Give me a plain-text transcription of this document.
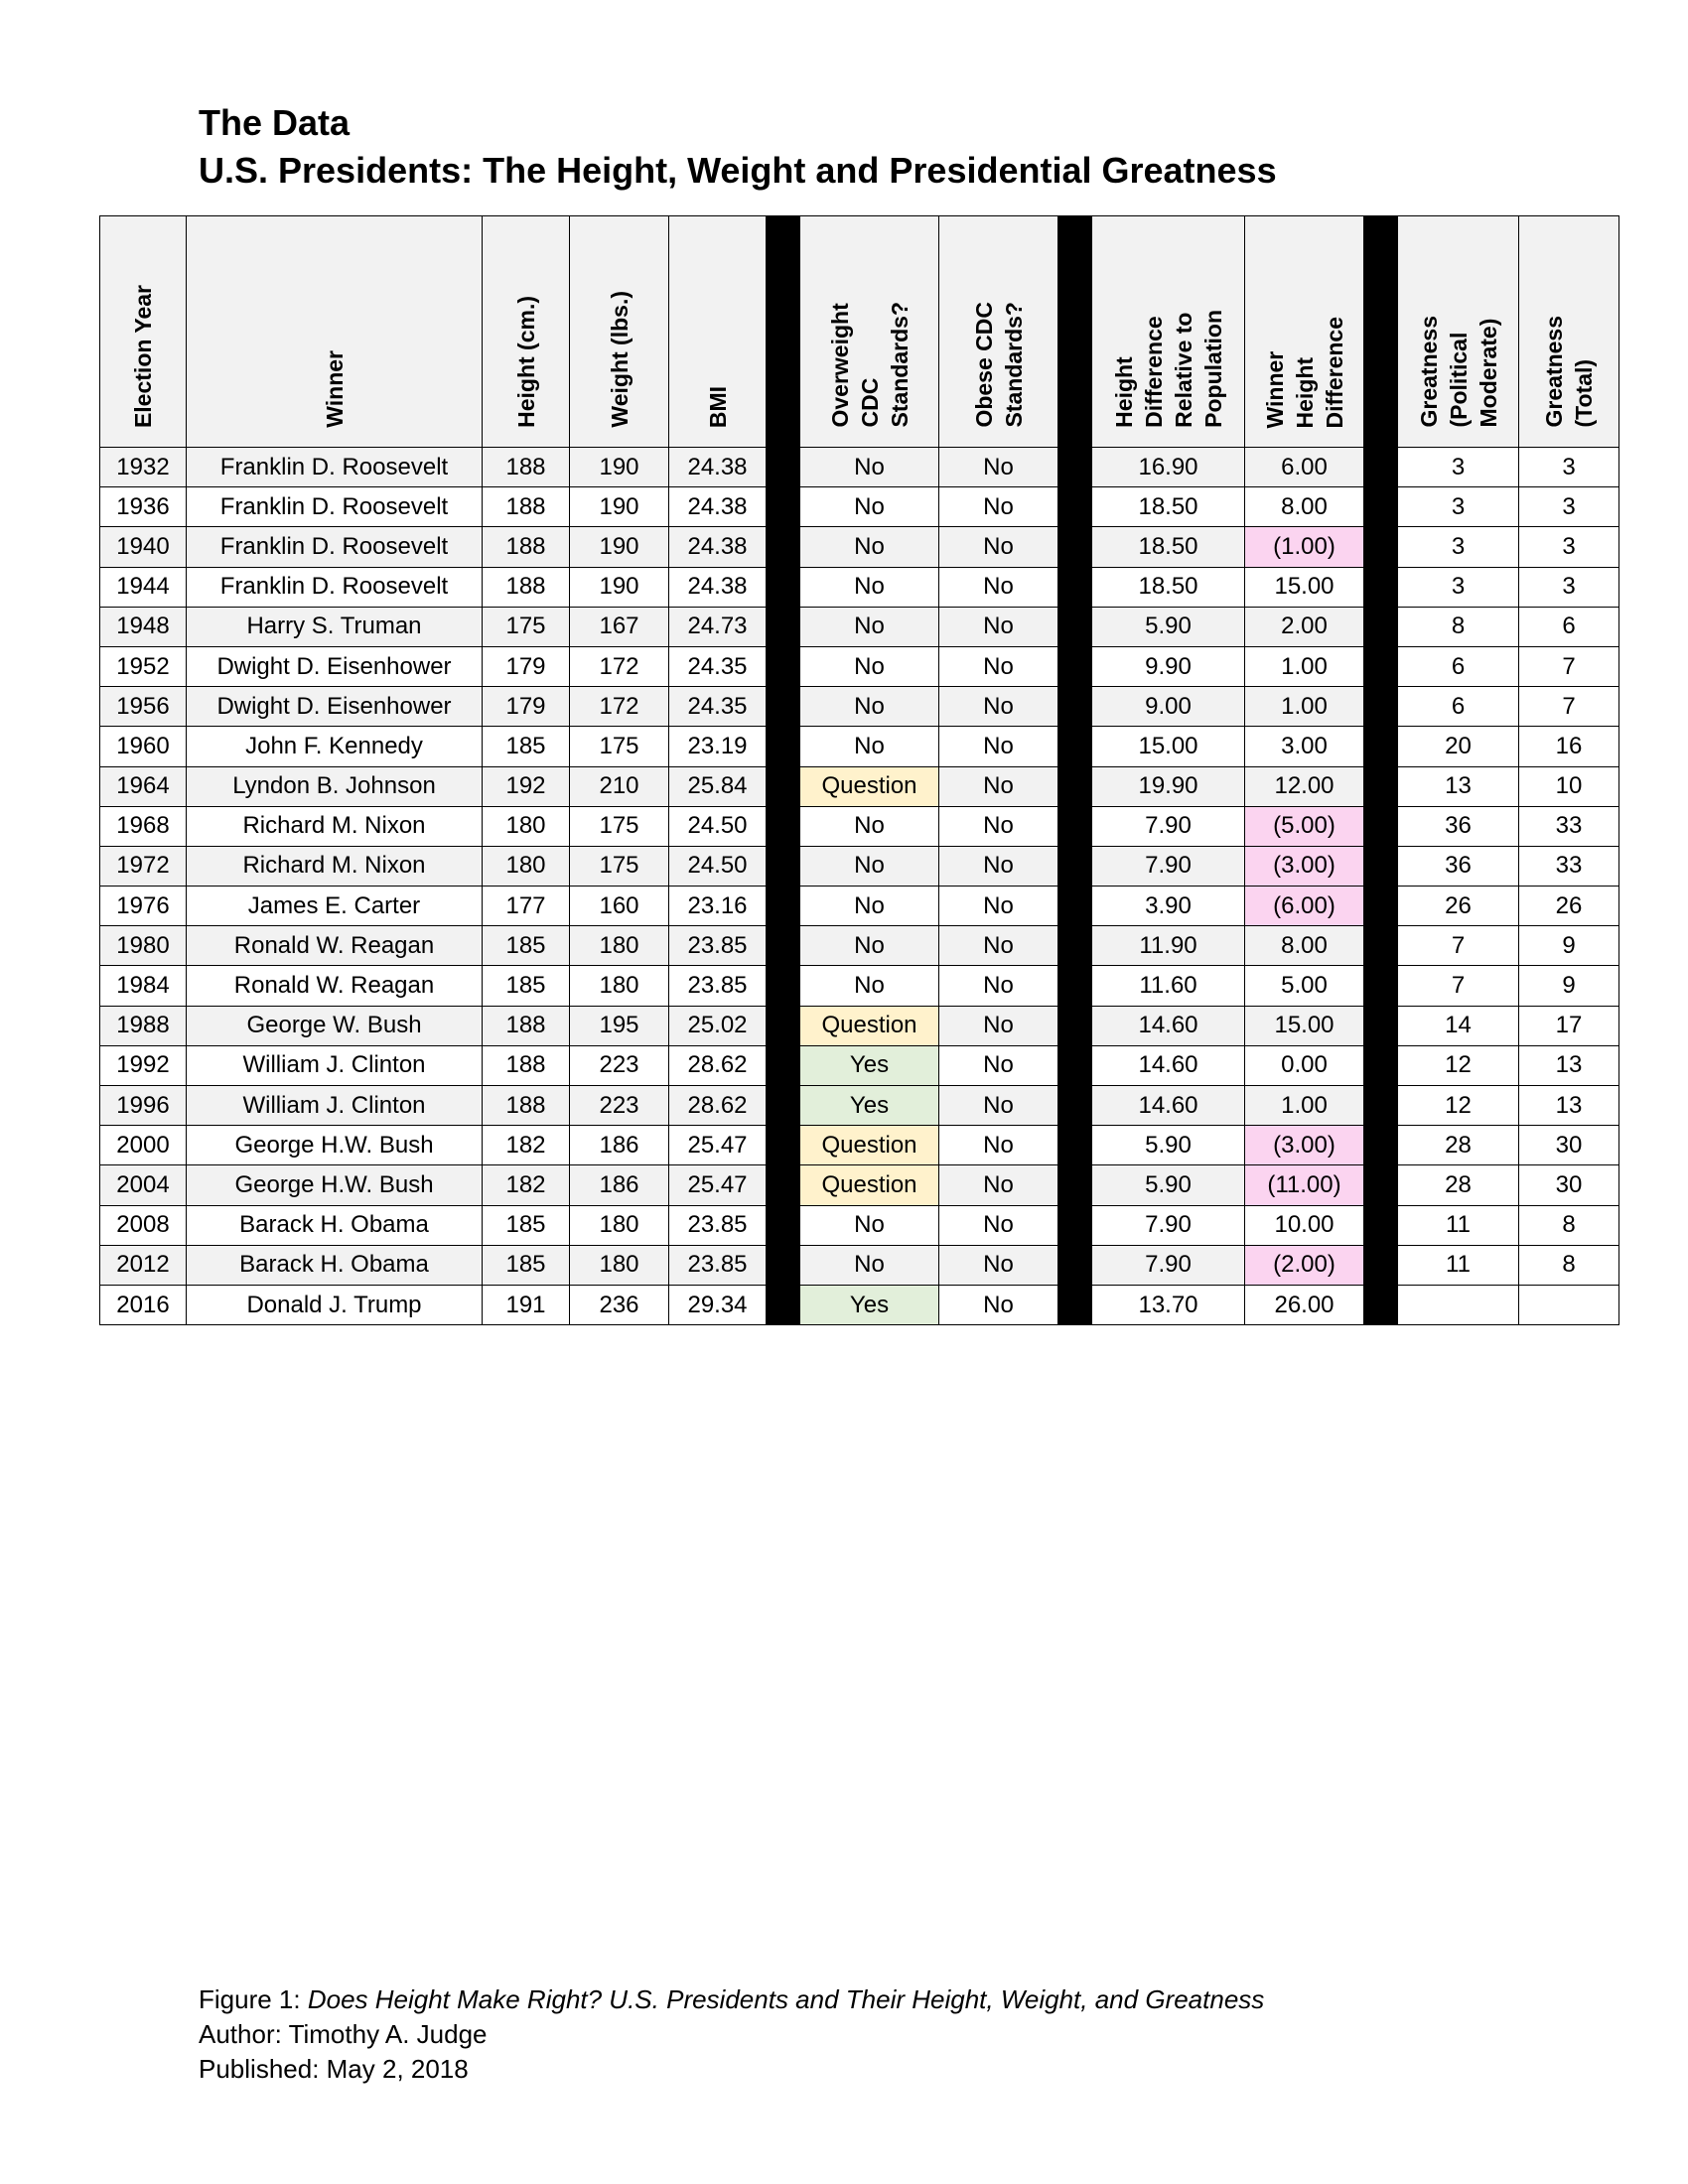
The Data
U.S. Presidents: The Height, Weight and Presidential Greatness
Election Year	Winner	Height (cm.)	Weight (lbs.)	BMI		Overweight
CDC
Standards?	Obese CDC
Standards?		Height
Difference
Relative to
Population	Winner
Height
Difference		Greatness
(Political
Moderate)	Greatness
(Total)
1932	Franklin D. Roosevelt	188	190	24.38		No	No		16.90	6.00		3	3
1936	Franklin D. Roosevelt	188	190	24.38		No	No		18.50	8.00		3	3
1940	Franklin D. Roosevelt	188	190	24.38		No	No		18.50	(1.00)		3	3
1944	Franklin D. Roosevelt	188	190	24.38		No	No		18.50	15.00		3	3
1948	Harry S. Truman	175	167	24.73		No	No		5.90	2.00		8	6
1952	Dwight D. Eisenhower	179	172	24.35		No	No		9.90	1.00		6	7
1956	Dwight D. Eisenhower	179	172	24.35		No	No		9.00	1.00		6	7
1960	John F. Kennedy	185	175	23.19		No	No		15.00	3.00		20	16
1964	Lyndon B. Johnson	192	210	25.84		Question	No		19.90	12.00		13	10
1968	Richard M. Nixon	180	175	24.50		No	No		7.90	(5.00)		36	33
1972	Richard M. Nixon	180	175	24.50		No	No		7.90	(3.00)		36	33
1976	James E. Carter	177	160	23.16		No	No		3.90	(6.00)		26	26
1980	Ronald W. Reagan	185	180	23.85		No	No		11.90	8.00		7	9
1984	Ronald W. Reagan	185	180	23.85		No	No		11.60	5.00		7	9
1988	George W. Bush	188	195	25.02		Question	No		14.60	15.00		14	17
1992	William J. Clinton	188	223	28.62		Yes	No		14.60	0.00		12	13
1996	William J. Clinton	188	223	28.62		Yes	No		14.60	1.00		12	13
2000	George H.W. Bush	182	186	25.47		Question	No		5.90	(3.00)		28	30
2004	George H.W. Bush	182	186	25.47		Question	No		5.90	(11.00)		28	30
2008	Barack H. Obama	185	180	23.85		No	No		7.90	10.00		11	8
2012	Barack H. Obama	185	180	23.85		No	No		7.90	(2.00)		11	8
2016	Donald J. Trump	191	236	29.34		Yes	No		13.70	26.00			
Figure 1: Does Height Make Right? U.S. Presidents and Their Height, Weight, and Greatness
Author: Timothy A. Judge
Published: May 2, 2018
